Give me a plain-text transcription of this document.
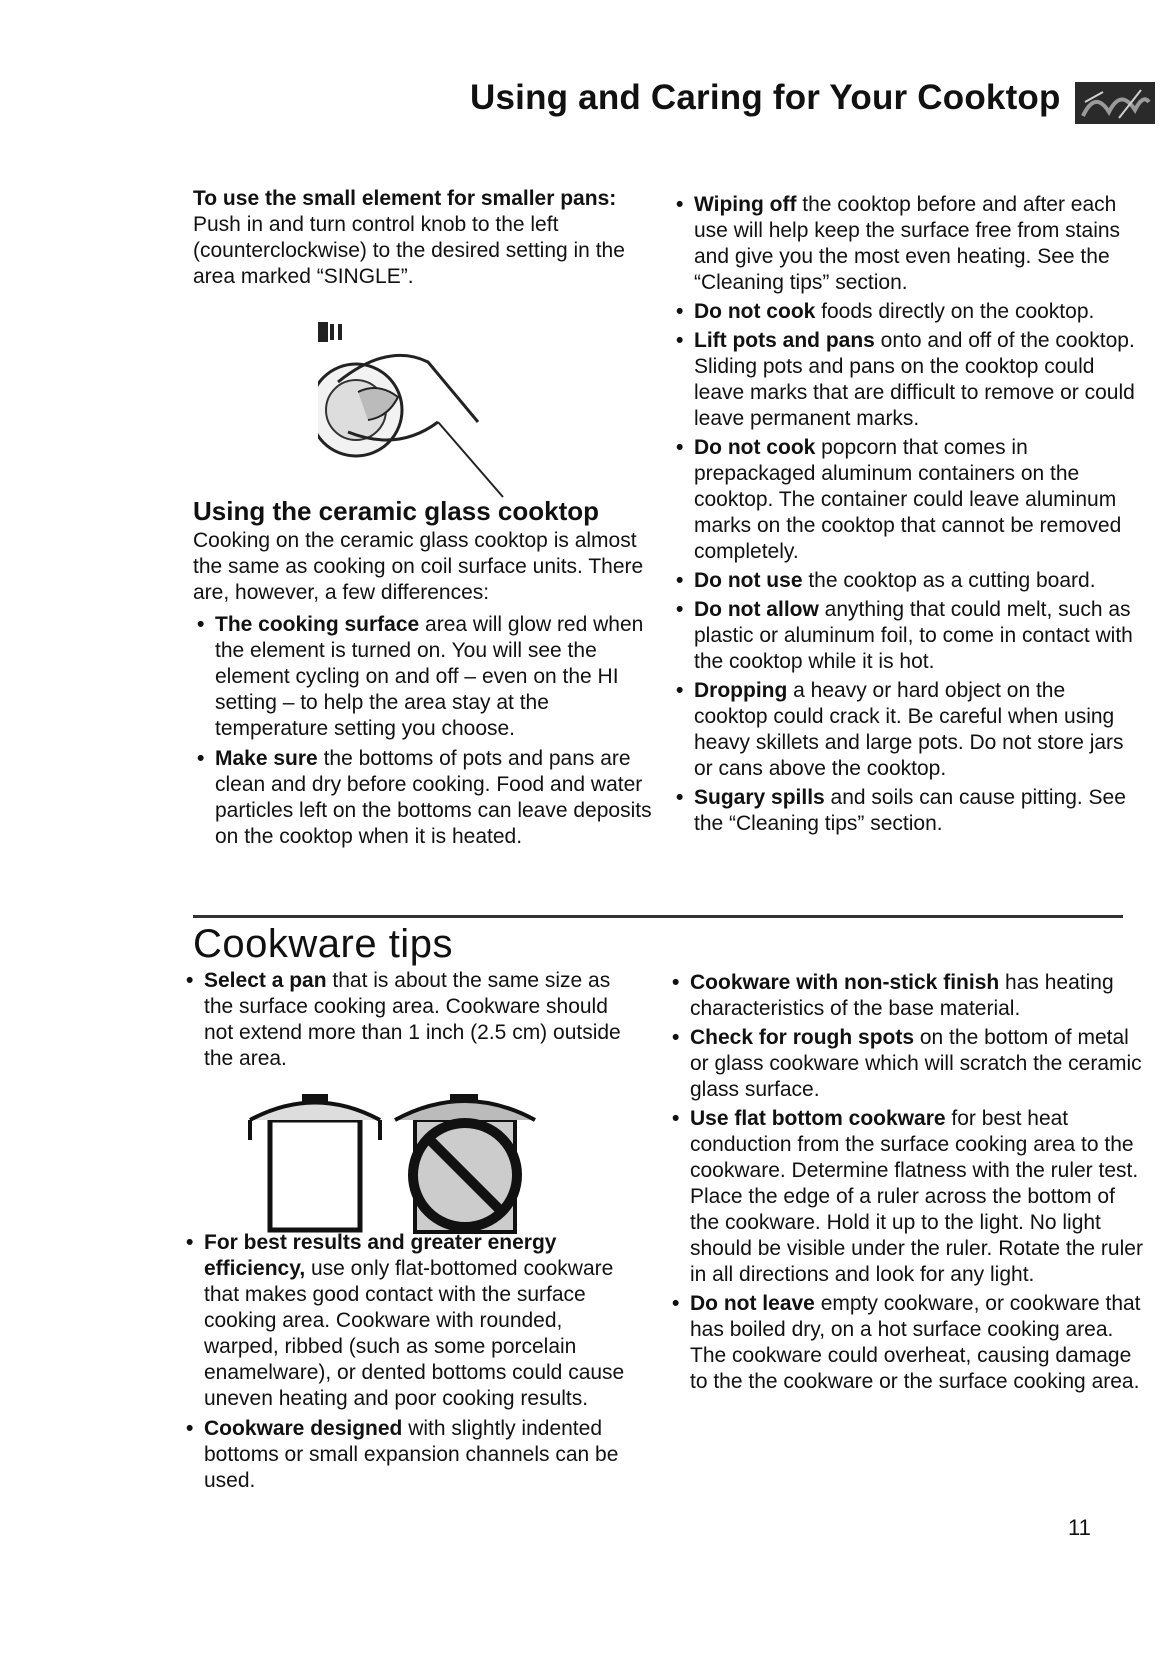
Using and Caring for Your Cooktop

To use the small element for smaller pans:

Push in and turn control knob to the left (counterclockwise) to the desired setting in the area marked “SINGLE”.

Using the ceramic glass cooktop

Cooking on the ceramic glass cooktop is almost the same as cooking on coil surface units. There are, however, a few differences:

• The cooking surface area will glow red when the element is turned on. You will see the element cycling on and off – even on the HI setting – to help the area stay at the temperature setting you choose.

• Make sure the bottoms of pots and pans are clean and dry before cooking. Food and water particles left on the bottoms can leave deposits on the cooktop when it is heated.

• Wiping off the cooktop before and after each use will help keep the surface free from stains and give you the most even heating. See the “Cleaning tips” section.

• Do not cook foods directly on the cooktop.

• Lift pots and pans onto and off of the cooktop. Sliding pots and pans on the cooktop could leave marks that are difficult to remove or could leave permanent marks.

• Do not cook popcorn that comes in prepackaged aluminum containers on the cooktop. The container could leave aluminum marks on the cooktop that cannot be removed completely.

• Do not use the cooktop as a cutting board.

• Do not allow anything that could melt, such as plastic or aluminum foil, to come in contact with the cooktop while it is hot.

• Dropping a heavy or hard object on the cooktop could crack it. Be careful when using heavy skillets and large pots. Do not store jars or cans above the cooktop.

• Sugary spills and soils can cause pitting. See the “Cleaning tips” section.

Cookware tips

• Select a pan that is about the same size as the surface cooking area. Cookware should not extend more than 1 inch (2.5 cm) outside the area.

• For best results and greater energy efficiency, use only flat-bottomed cookware that makes good contact with the surface cooking area. Cookware with rounded, warped, ribbed (such as some porcelain enamelware), or dented bottoms could cause uneven heating and poor cooking results.

• Cookware designed with slightly indented bottoms or small expansion channels can be used.

• Cookware with non-stick finish has heating characteristics of the base material.

• Check for rough spots on the bottom of metal or glass cookware which will scratch the ceramic glass surface.

• Use flat bottom cookware for best heat conduction from the surface cooking area to the cookware. Determine flatness with the ruler test. Place the edge of a ruler across the bottom of the cookware. Hold it up to the light. No light should be visible under the ruler. Rotate the ruler in all directions and look for any light.

• Do not leave empty cookware, or cookware that has boiled dry, on a hot surface cooking area. The cookware could overheat, causing damage to the the cookware or the surface cooking area.

11
